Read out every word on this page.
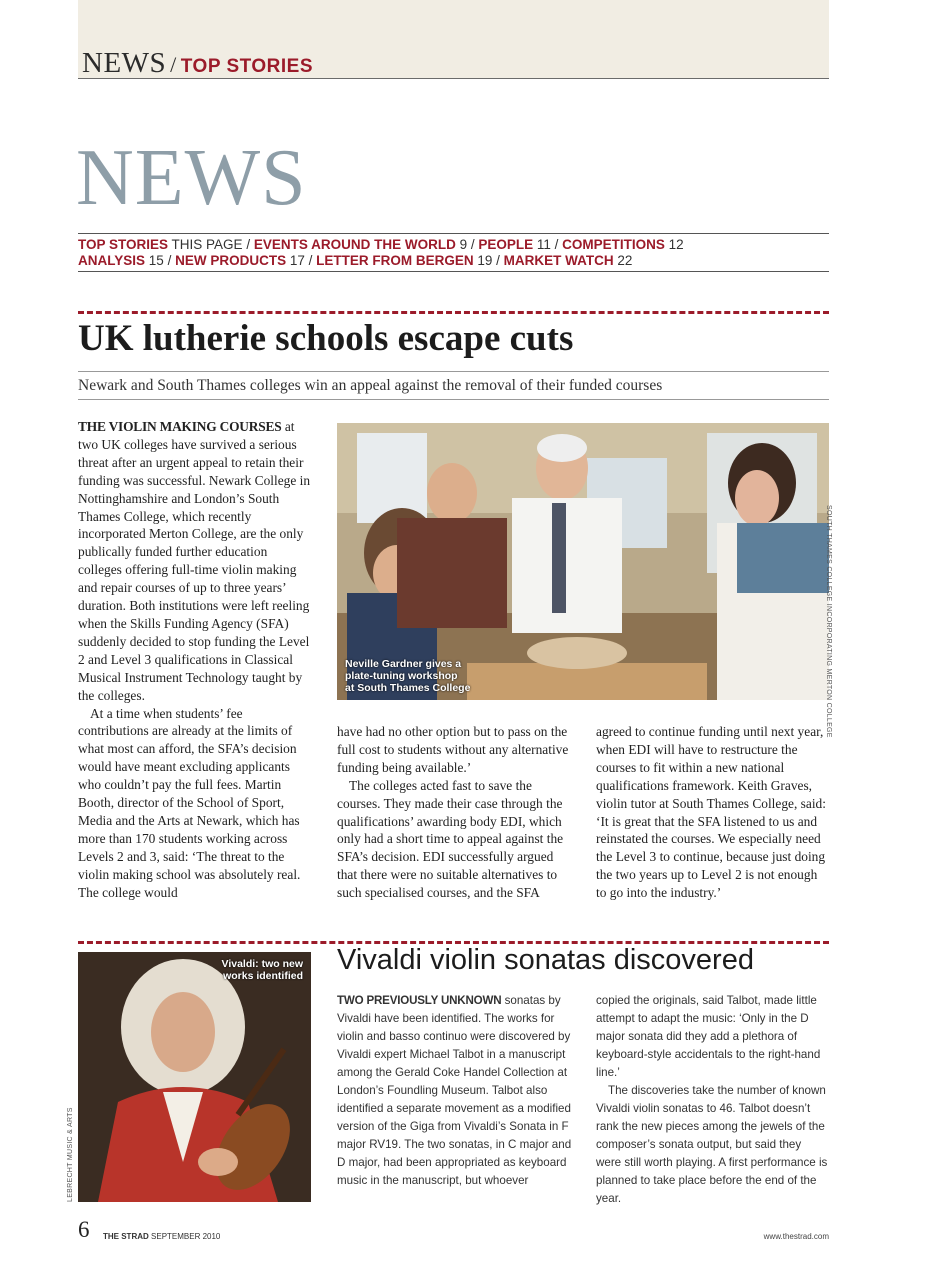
NEWS / TOP STORIES
NEWS
TOP STORIES THIS PAGE / EVENTS AROUND THE WORLD 9 / PEOPLE 11 / COMPETITIONS 12
ANALYSIS 15 / NEW PRODUCTS 17 / LETTER FROM BERGEN 19 / MARKET WATCH 22
UK lutherie schools escape cuts
Newark and South Thames colleges win an appeal against the removal of their funded courses

THE VIOLIN MAKING COURSES at two UK colleges have survived a serious threat after an urgent appeal to retain their funding was successful. Newark College in Nottinghamshire and London’s South Thames College, which recently incorporated Merton College, are the only publically funded further education colleges offering full-time violin making and repair courses of up to three years’ duration. Both institutions were left reeling when the Skills Funding Agency (SFA) suddenly decided to stop funding the Level 2 and Level 3 qualifications in Classical Musical Instrument Technology taught by the colleges.

At a time when students’ fee contributions are already at the limits of what most can afford, the SFA’s decision would have meant excluding applicants who couldn’t pay the full fees. Martin Booth, director of the School of Sport, Media and the Arts at Newark, which has more than 170 students working across Levels 2 and 3, said: ‘The threat to the violin making school was absolutely real. The college would

Neville Gardner gives a
plate-tuning workshop
at South Thames College	SOUTH THAMES COLLEGE INCORPORATING MERTON COLLEGE

have had no other option but to pass on the full cost to students without any alternative funding being available.’

The colleges acted fast to save the courses. They made their case through the qualifications’ awarding body EDI, which only had a short time to appeal against the SFA’s decision. EDI successfully argued that there were no suitable alternatives to such specialised courses, and the SFA

agreed to continue funding until next year, when EDI will have to restructure the courses to fit within a new national qualifications framework. Keith Graves, violin tutor at South Thames College, said: ‘It is great that the SFA listened to us and reinstated the courses. We especially need the Level 3 to continue, because just doing the two years up to Level 2 is not enough to go into the industry.’

Vivaldi: two new
works identified
LEBRECHT MUSIC & ARTS
Vivaldi violin sonatas discovered

TWO PREVIOUSLY UNKNOWN sonatas by Vivaldi have been identified. The works for violin and basso continuo were discovered by Vivaldi expert Michael Talbot in a manuscript among the Gerald Coke Handel Collection at London’s Foundling Museum. Talbot also identified a separate movement as a modified version of the Giga from Vivaldi’s Sonata in F major RV19. The two sonatas, in C major and D major, had been appropriated as keyboard music in the manuscript, but whoever

copied the originals, said Talbot, made little attempt to adapt the music: ‘Only in the D major sonata did they add a plethora of keyboard-style accidentals to the right-hand line.’

The discoveries take the number of known Vivaldi violin sonatas to 46. Talbot doesn’t rank the new pieces among the jewels of the composer’s sonata output, but said they were still worth playing. A first performance is planned to take place before the end of the year.

6 THE STRAD SEPTEMBER 2010	www.thestrad.com
